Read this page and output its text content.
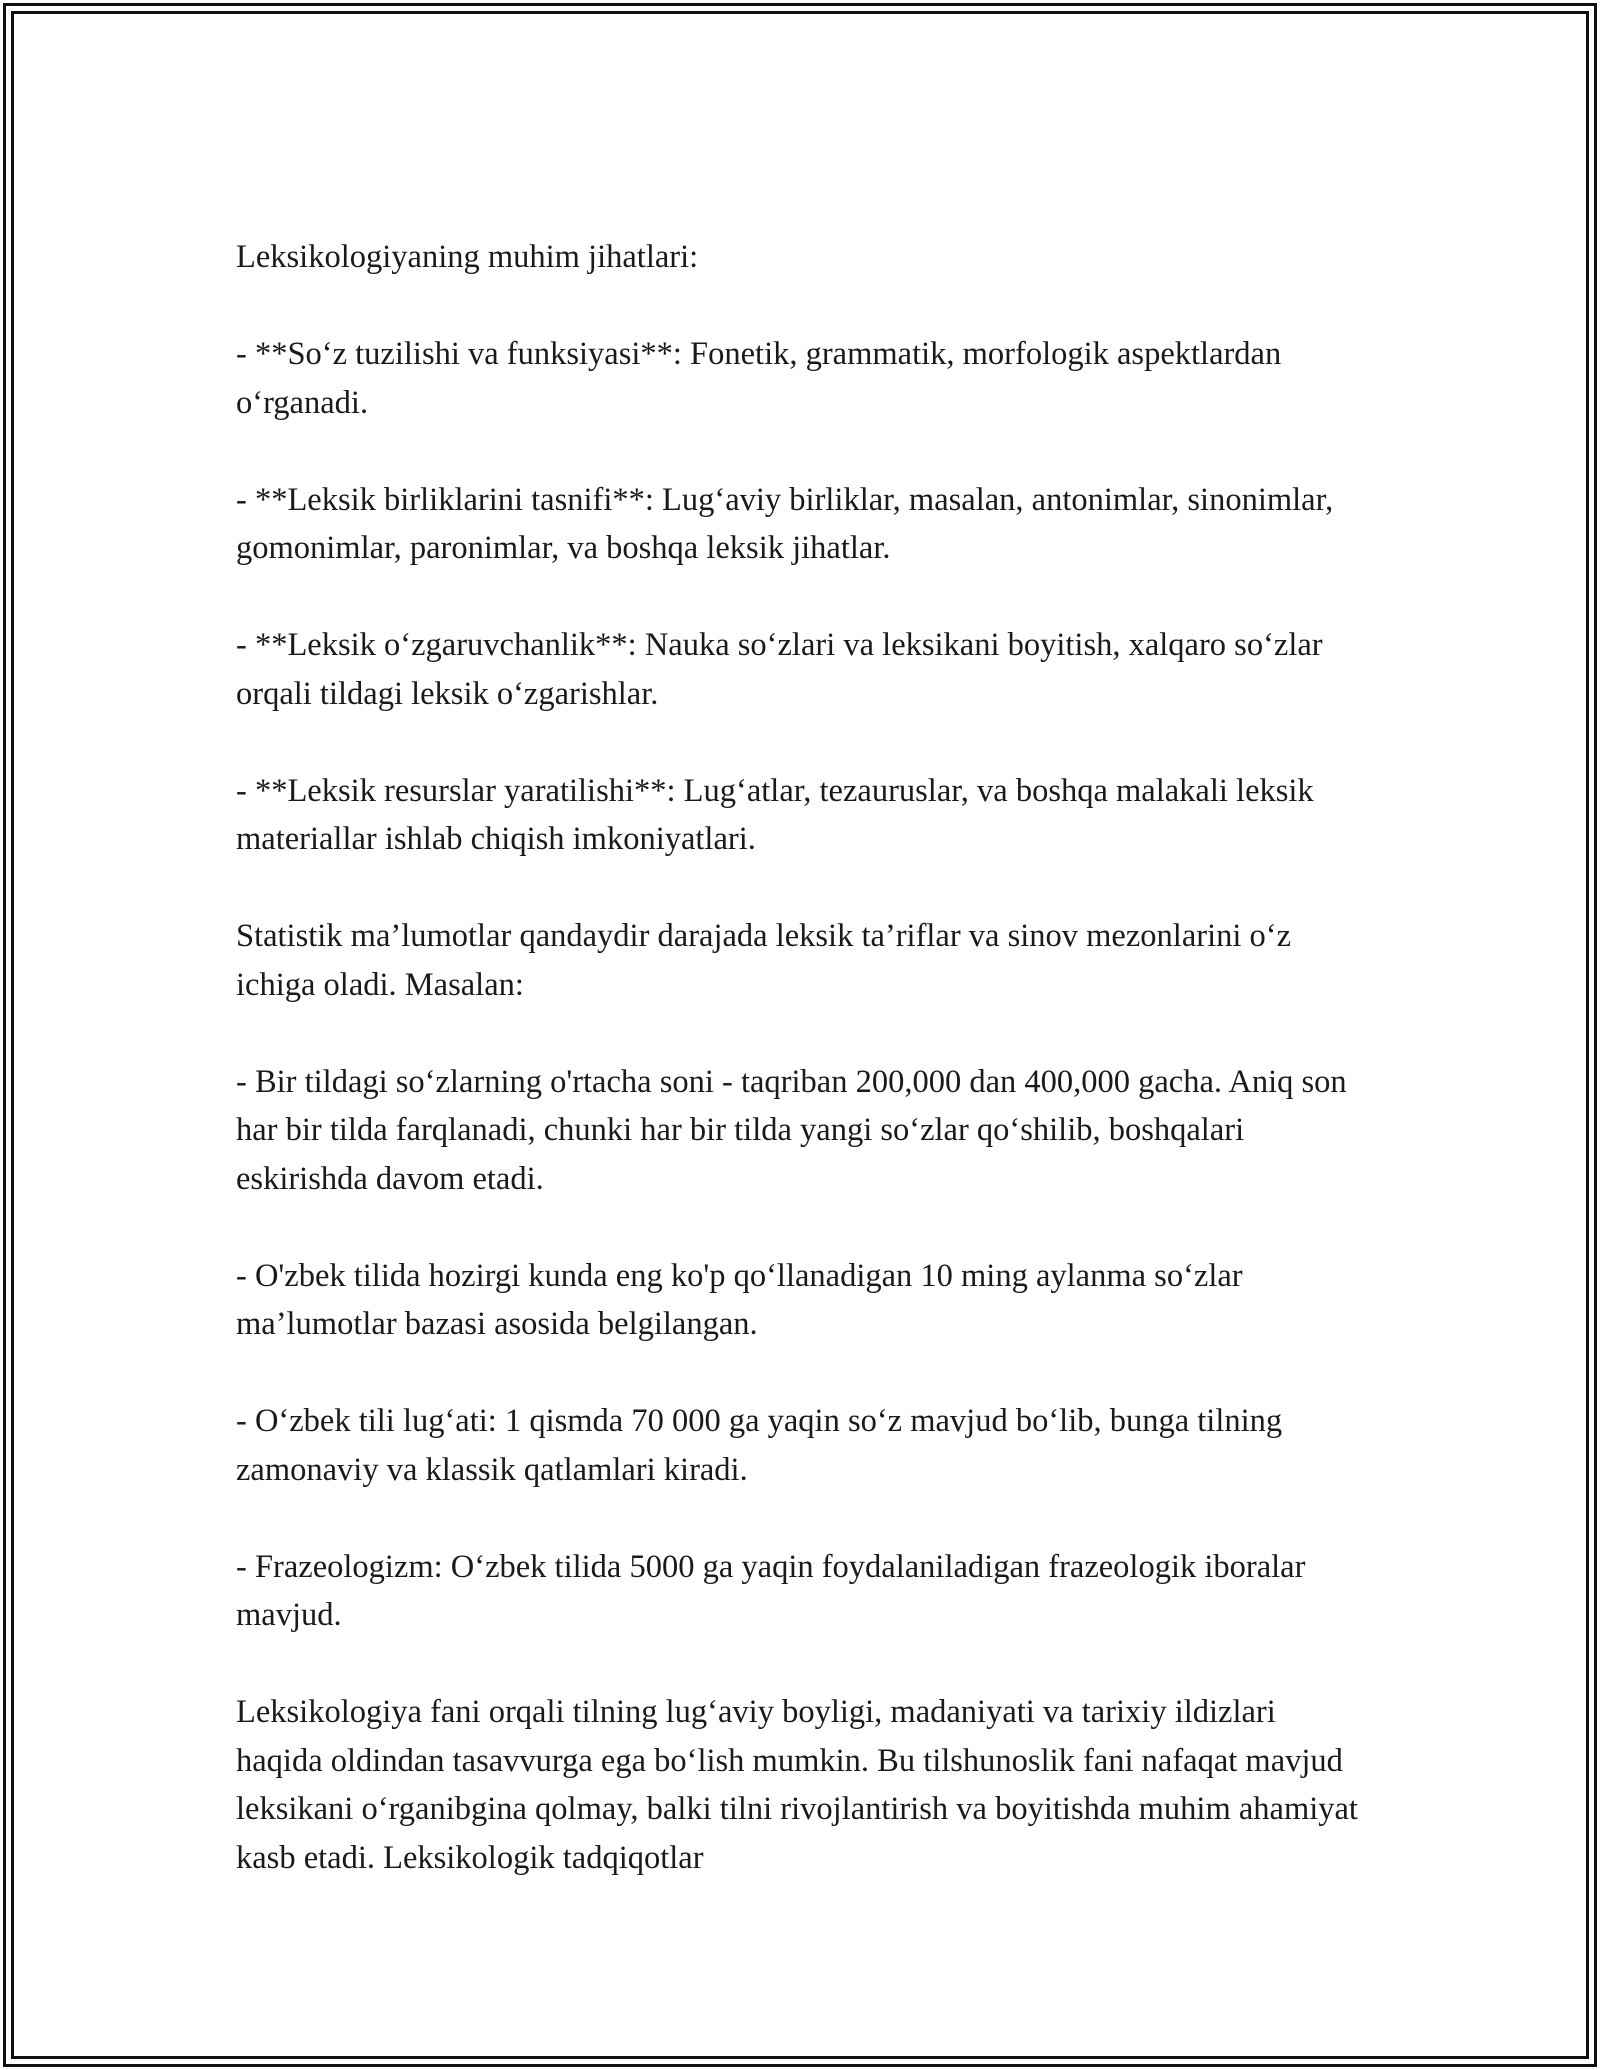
Leksikologiyaning muhim jihatlari:

- **So‘z tuzilishi va funksiyasi**: Fonetik, grammatik, morfologik aspektlardan o‘rganadi.

- **Leksik birliklarini tasnifi**: Lug‘aviy birliklar, masalan, antonimlar, sinonimlar, gomonimlar, paronimlar, va boshqa leksik jihatlar.

- **Leksik o‘zgaruvchanlik**: Nauka so‘zlari va leksikani boyitish, xalqaro so‘zlar orqali tildagi leksik o‘zgarishlar.

- **Leksik resurslar yaratilishi**: Lug‘atlar, tezauruslar, va boshqa malakali leksik materiallar ishlab chiqish imkoniyatlari.

Statistik ma’lumotlar qandaydir darajada leksik ta’riflar va sinov mezonlarini o‘z ichiga oladi. Masalan:

- Bir tildagi so‘zlarning o'rtacha soni - taqriban 200,000 dan 400,000 gacha. Aniq son har bir tilda farqlanadi, chunki har bir tilda yangi so‘zlar qo‘shilib, boshqalari eskirishda davom etadi.

- O'zbek tilida hozirgi kunda eng ko'p qo‘llanadigan 10 ming aylanma so‘zlar ma’lumotlar bazasi asosida belgilangan.

- O‘zbek tili lug‘ati: 1 qismda 70 000 ga yaqin so‘z mavjud bo‘lib, bunga tilning zamonaviy va klassik qatlamlari kiradi.

- Frazeologizm: O‘zbek tilida 5000 ga yaqin foydalaniladigan frazeologik iboralar mavjud.

Leksikologiya fani orqali tilning lug‘aviy boyligi, madaniyati va tarixiy ildizlari haqida oldindan tasavvurga ega bo‘lish mumkin. Bu tilshunoslik fani nafaqat mavjud leksikani o‘rganibgina qolmay, balki tilni rivojlantirish va boyitishda muhim ahamiyat kasb etadi. Leksikologik tadqiqotlar
